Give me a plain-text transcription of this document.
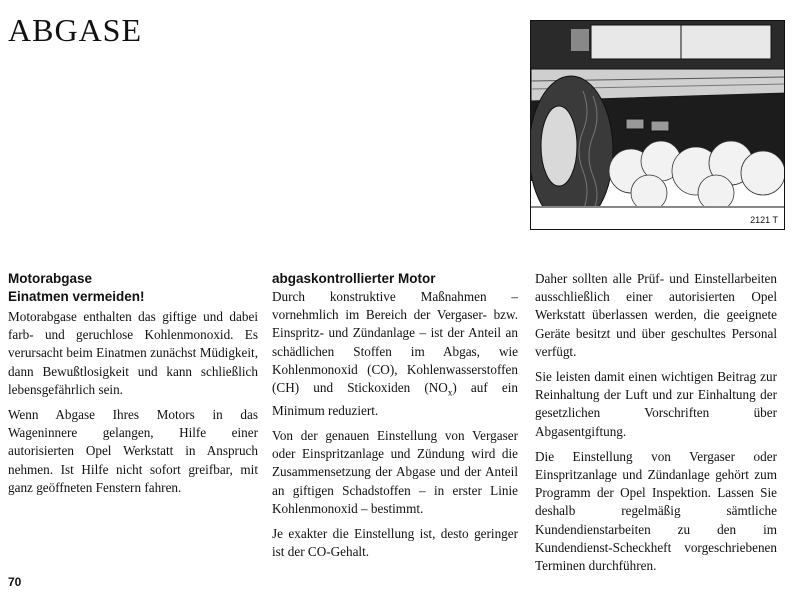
ABGASE
2121 T
Motorabgase
Einatmen vermeiden!

Motorabgase enthalten das giftige und dabei farb- und geruchlose Kohlenmonoxid. Es verursacht beim Einatmen zunächst Müdigkeit, dann Bewußtlosigkeit und kann schließlich lebensgefährlich sein.

Wenn Abgase Ihres Motors in das Wageninnere gelangen, Hilfe einer autorisierten Opel Werkstatt in Anspruch nehmen. Ist Hilfe nicht sofort greifbar, mit ganz geöffneten Fenstern fahren.

abgaskontrollierter Motor

Durch konstruktive Maßnahmen – vornehmlich im Bereich der Vergaser- bzw. Einspritz- und Zündanlage – ist der Anteil an schädlichen Stoffen im Abgas, wie Kohlenmonoxid (CO), Kohlenwasserstoffen (CH) und Stickoxiden $(NO_x)$ auf ein Minimum reduziert.

Von der genauen Einstellung von Vergaser oder Einspritzanlage und Zündung wird die Zusammensetzung der Abgase und der Anteil an giftigen Schadstoffen – in erster Linie Kohlenmonoxid – bestimmt.

Je exakter die Einstellung ist, desto geringer ist der CO-Gehalt.

Daher sollten alle Prüf- und Einstellarbeiten ausschließlich einer autorisierten Opel Werkstatt überlassen werden, die geeignete Geräte besitzt und über geschultes Personal verfügt.

Sie leisten damit einen wichtigen Beitrag zur Reinhaltung der Luft und zur Einhaltung der gesetzlichen Vorschriften über Abgasentgiftung.

Die Einstellung von Vergaser oder Einspritzanlage und Zündanlage gehört zum Programm der Opel Inspektion. Lassen Sie deshalb regelmäßig sämtliche Kundendienstarbeiten zu den im Kundendienst-Scheckheft vorgeschriebenen Terminen durchführen.

70
